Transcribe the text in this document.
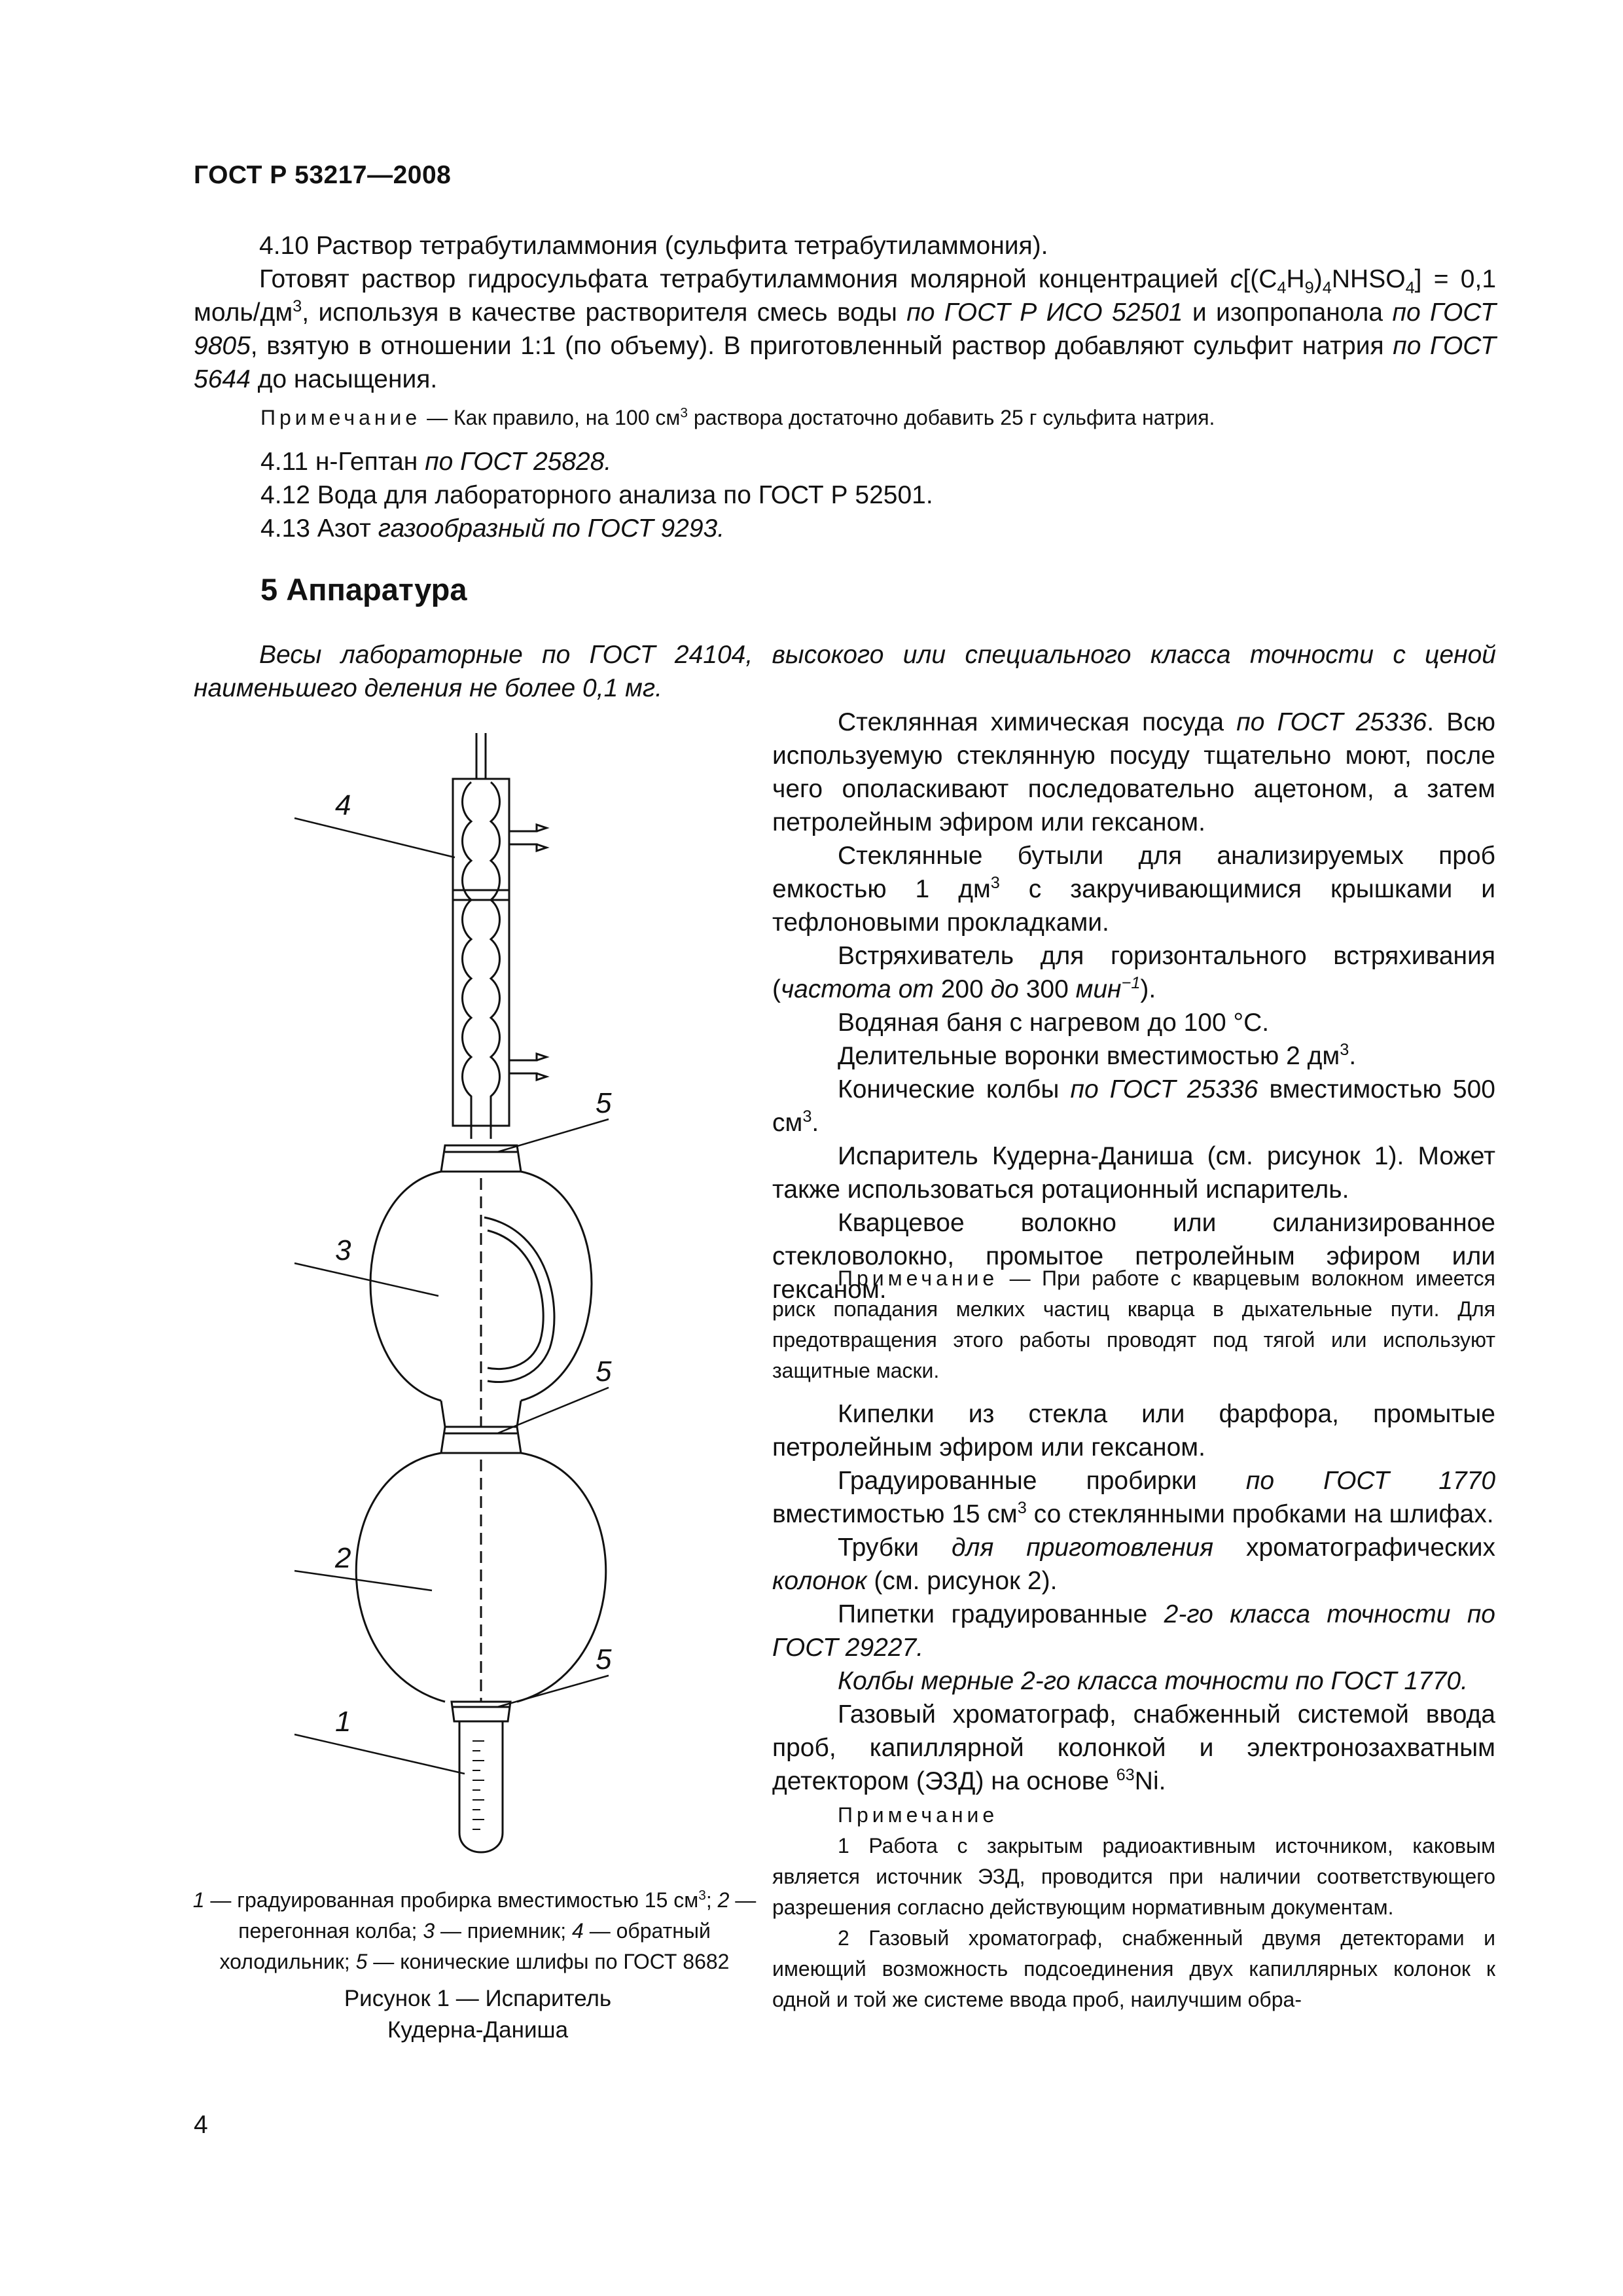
ГОСТ Р 53217—2008

4.10 Раствор тетрабутиламмония (сульфита тетрабутиламмония).

Готовят раствор гидросульфата тетрабутиламмония молярной концентрацией $c[(C_4H_9)_4NHSO_4] = 0,1$ моль/$дм^3$, используя в качестве растворителя смесь воды по ГОСТ Р ИСО 52501 и изопропанола по ГОСТ 9805, взятую в отношении 1:1 (по объему). В приготовленный раствор добавляют сульфит натрия по ГОСТ 5644 до насыщения.

Примечание — Как правило, на 100 $см^3$ раствора достаточно добавить 25 г сульфита натрия.

4.11 н-Гептан по ГОСТ 25828.

4.12 Вода для лабораторного анализа по ГОСТ Р 52501.

4.13 Азот газообразный по ГОСТ 9293.

5 Аппаратура

Весы лабораторные по ГОСТ 24104, высокого или специального класса точности с ценой наименьшего деления не более 0,1 мг.

Стеклянная химическая посуда по ГОСТ 25336. Всю используемую стеклянную посуду тщательно моют, после чего ополаскивают последовательно ацетоном, а затем петролейным эфиром или гексаном.

Стеклянные бутыли для анализируемых проб емкостью 1 $дм^3$ с закручивающимися крышками и тефлоновыми прокладками.

Встряхиватель для горизонтального встряхивания (частота от 200 до 300 мин$^{-1}$).

Водяная баня с нагревом до 100 °C.

Делительные воронки вместимостью 2 $дм^3$.

Конические колбы по ГОСТ 25336 вместимостью 500 $см^3$.

Испаритель Кудерна-Даниша (см. рисунок 1). Может также использоваться ротационный испаритель.

Кварцевое волокно или силанизированное стекловолокно, промытое петролейным эфиром или гексаном.

Примечание — При работе с кварцевым волокном имеется риск попадания мелких частиц кварца в дыхательные пути. Для предотвращения этого работы проводят под тягой или используют защитные маски.

Кипелки из стекла или фарфора, промытые петролейным эфиром или гексаном.

Градуированные пробирки по ГОСТ 1770 вместимостью 15 $см^3$ со стеклянными пробками на шлифах.

Трубки для приготовления хроматографических колонок (см. рисунок 2).

Пипетки градуированные 2-го класса точности по ГОСТ 29227.

Колбы мерные 2-го класса точности по ГОСТ 1770.

Газовый хроматограф, снабженный системой ввода проб, капиллярной колонкой и электронозахватным детектором (ЭЗД) на основе $^{63}$Ni.

Примечание
1 Работа с закрытым радиоактивным источником, каковым является источник ЭЗД, проводится при наличии соответствующего разрешения согласно действующим нормативным документам.
2 Газовый хроматограф, снабженный двумя детекторами и имеющий возможность подсоединения двух капиллярных колонок к одной и той же системе ввода проб, наилучшим обра-
4
5
3
5
2
5
1
1 — градуированная пробирка вместимостью 15 $см^3$; 2 — перегонная колба; 3 — приемник; 4 — обратный холодильник; 5 — конические шлифы по ГОСТ 8682
Рисунок 1 — Испаритель Кудерна-Даниша
4
